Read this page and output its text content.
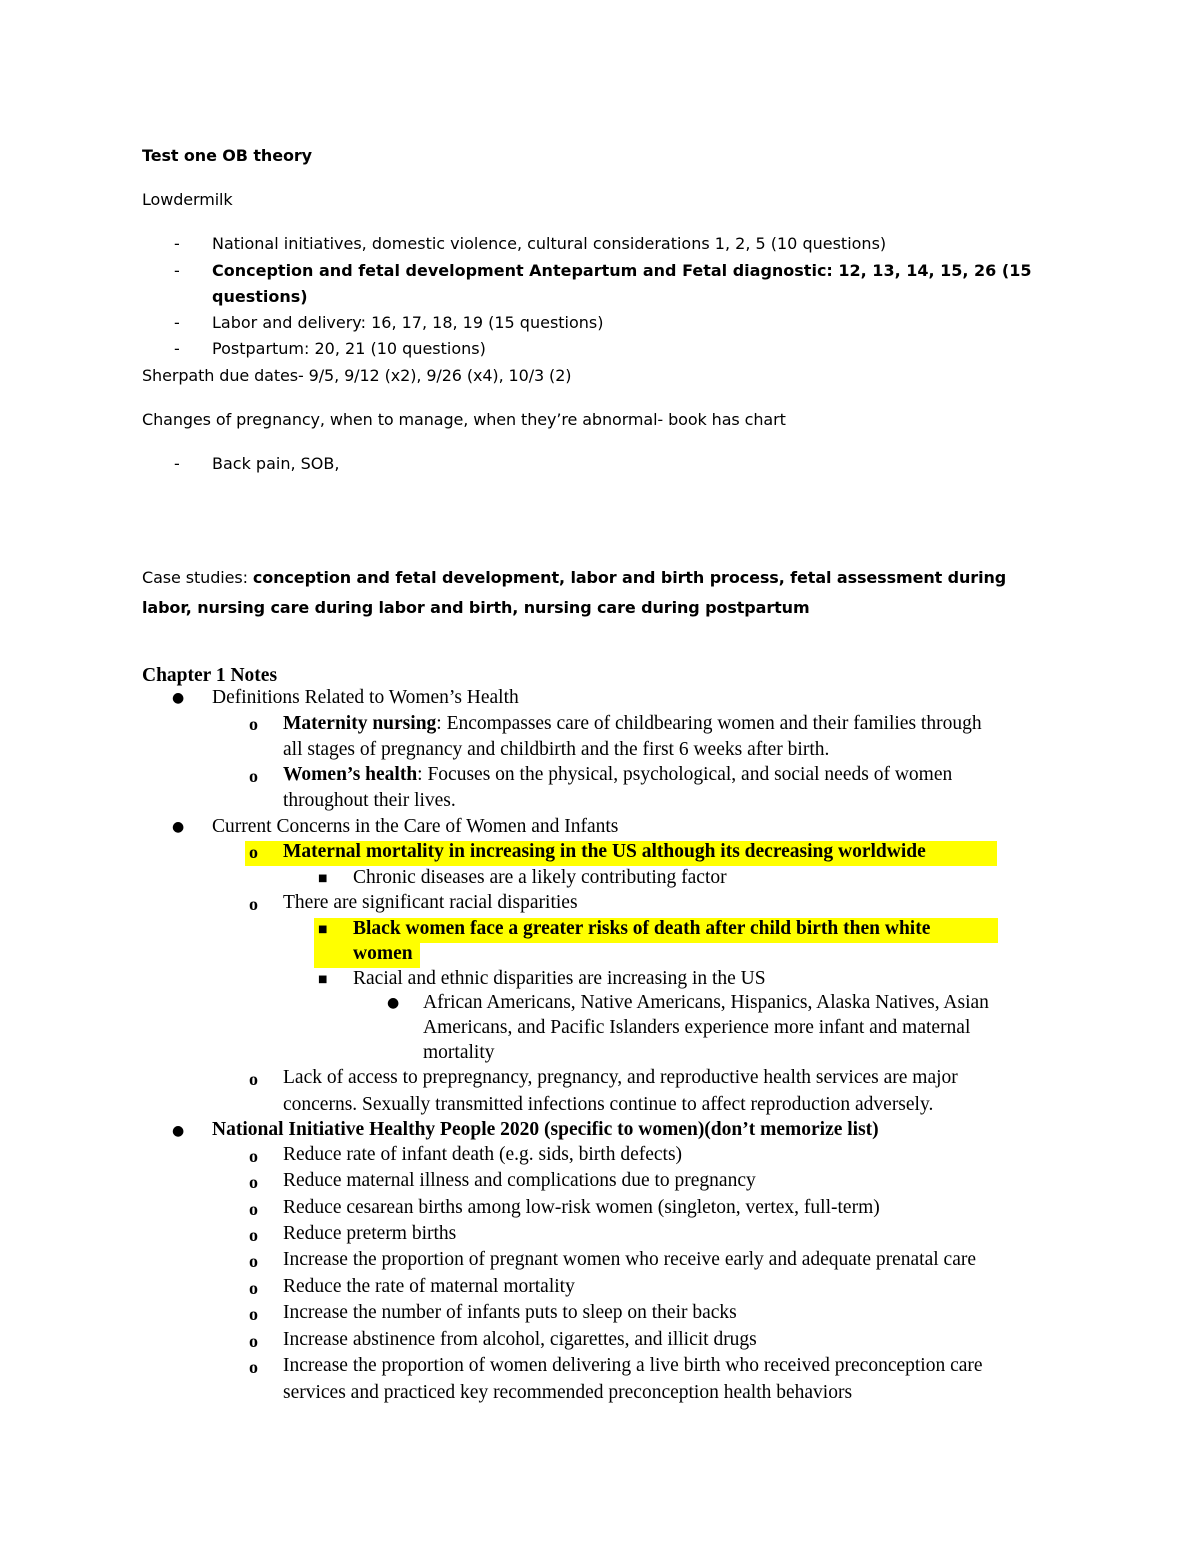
Test one OB theory
Lowdermilk
- National initiatives, domestic violence, cultural considerations 1, 2, 5 (10 questions)
- Conception and fetal development Antepartum and Fetal diagnostic: 12, 13, 14, 15, 26 (15
questions)
- Labor and delivery: 16, 17, 18, 19 (15 questions)
- Postpartum: 20, 21 (10 questions)
Sherpath due dates- 9/5, 9/12 (x2), 9/26 (x4), 10/3 (2)
Changes of pregnancy, when to manage, when they’re abnormal- book has chart
- Back pain, SOB,
Case studies: conception and fetal development, labor and birth process, fetal assessment during
labor, nursing care during labor and birth, nursing care during postpartum
Chapter 1 Notes
● Definitions Related to Women’s Health
o Maternity nursing: Encompasses care of childbearing women and their families through
all stages of pregnancy and childbirth and the first 6 weeks after birth.
o Women’s health: Focuses on the physical, psychological, and social needs of women
throughout their lives.
● Current Concerns in the Care of Women and Infants
o Maternal mortality in increasing in the US although its decreasing worldwide
■ Chronic diseases are a likely contributing factor
o There are significant racial disparities
■ Black women face a greater risks of death after child birth then white
women
■ Racial and ethnic disparities are increasing in the US
● African Americans, Native Americans, Hispanics, Alaska Natives, Asian
Americans, and Pacific Islanders experience more infant and maternal
mortality
o Lack of access to prepregnancy, pregnancy, and reproductive health services are major
concerns. Sexually transmitted infections continue to affect reproduction adversely.
● National Initiative Healthy People 2020 (specific to women)(don’t memorize list)
o Reduce rate of infant death (e.g. sids, birth defects)
o Reduce maternal illness and complications due to pregnancy
o Reduce cesarean births among low-risk women (singleton, vertex, full-term)
o Reduce preterm births
o Increase the proportion of pregnant women who receive early and adequate prenatal care
o Reduce the rate of maternal mortality
o Increase the number of infants puts to sleep on their backs
o Increase abstinence from alcohol, cigarettes, and illicit drugs
o Increase the proportion of women delivering a live birth who received preconception care
services and practiced key recommended preconception health behaviors
